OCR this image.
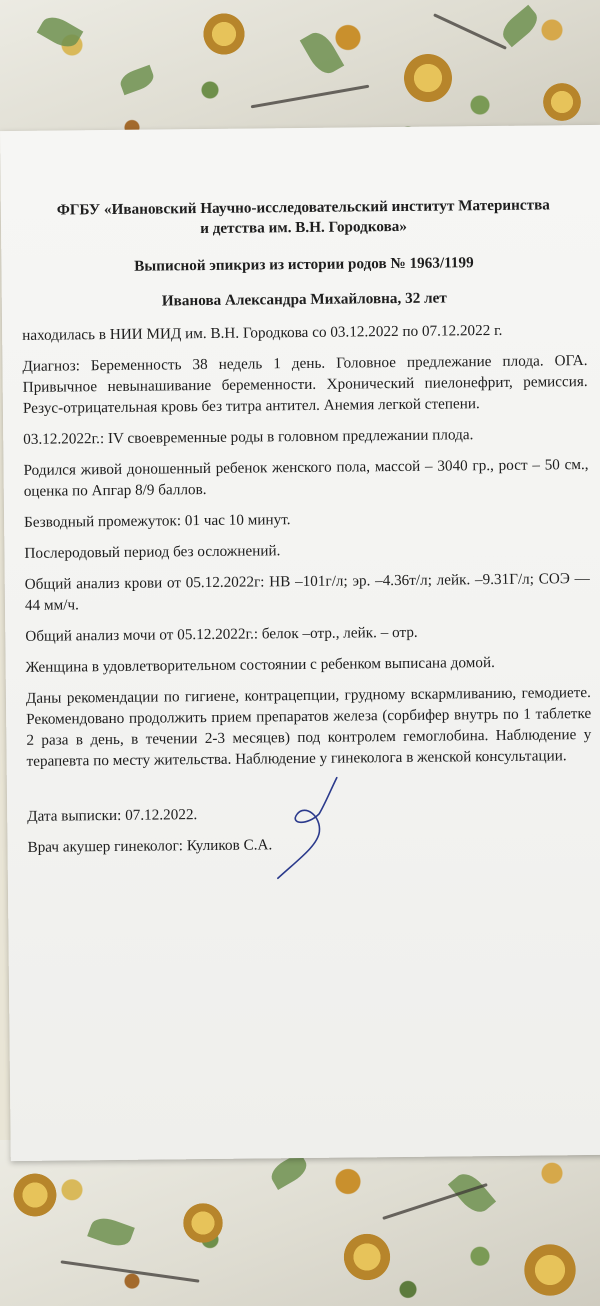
ФГБУ «Ивановский Научно-исследовательский институт Материнства
и детства им. В.Н. Городкова»
Выписной эпикриз из истории родов № 1963/1199
Иванова Александра Михайловна, 32 лет

находилась в НИИ МИД им. В.Н. Городкова со 03.12.2022 по 07.12.2022 г.

Диагноз: Беременность 38 недель 1 день. Головное предлежание плода. ОГА. Привычное невынашивание беременности. Хронический пиелонефрит, ремиссия. Резус-отрицательная кровь без титра антител. Анемия легкой степени.

03.12.2022г.: IV своевременные роды в головном предлежании плода.

Родился живой доношенный ребенок женского пола, массой – 3040 гр., рост – 50 см., оценка по Апгар 8/9 баллов.

Безводный промежуток: 01 час 10 минут.

Послеродовый период без осложнений.

Общий анализ крови от 05.12.2022г: НВ –101г/л; эр. –4.36т/л; лейк. –9.31Г/л; СОЭ —44 мм/ч.

Общий анализ мочи от 05.12.2022г.: белок –отр., лейк. – отр.

Женщина в удовлетворительном состоянии с ребенком выписана домой.

Даны рекомендации по гигиене, контрацепции, грудному вскармливанию, гемодиете. Рекомендовано продолжить прием препаратов железа (сорбифер внутрь по 1 таблетке 2 раза в день, в течении 2-3 месяцев) под контролем гемоглобина. Наблюдение у терапевта по месту жительства. Наблюдение у гинеколога в женской консультации.

Дата выписки: 07.12.2022.

Врач акушер гинеколог: Куликов С.А.
